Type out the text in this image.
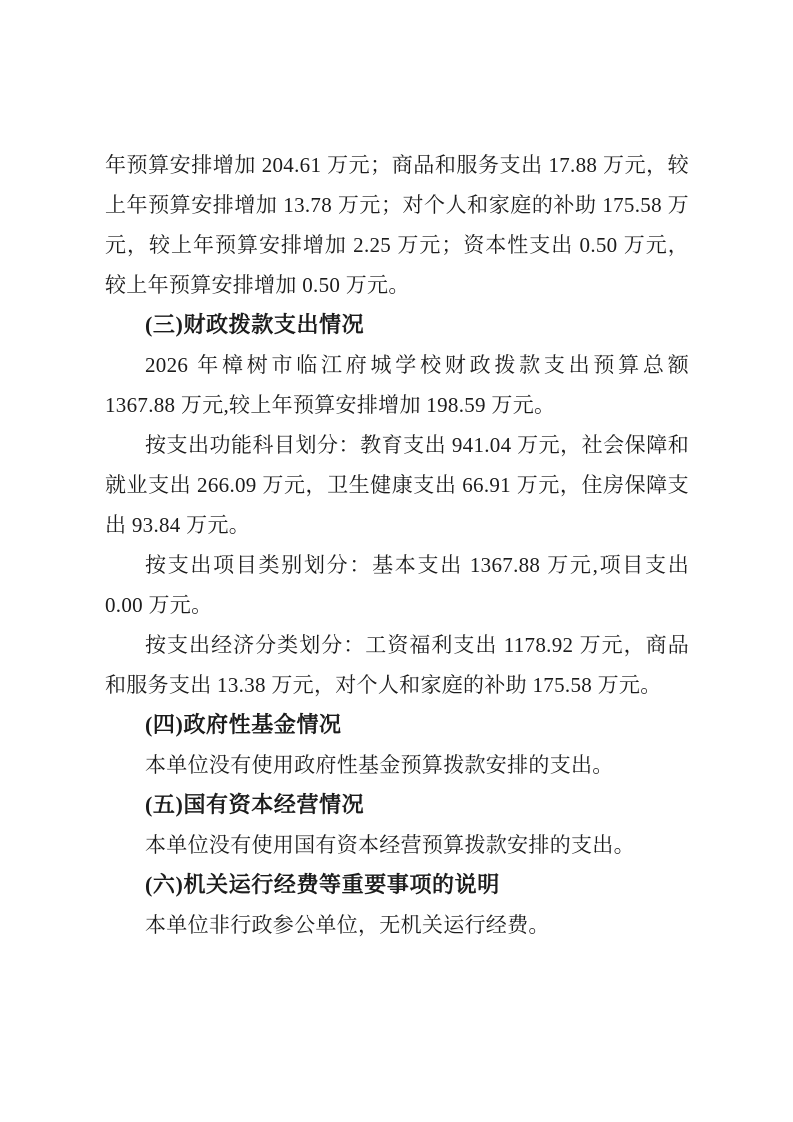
年预算安排增加 204.61 万元；商品和服务支出 17.88 万元，较上年预算安排增加 13.78 万元；对个人和家庭的补助 175.58 万元，较上年预算安排增加 2.25 万元；资本性支出 0.50 万元，较上年预算安排增加 0.50 万元。

(三)财政拨款支出情况

2026 年樟树市临江府城学校财政拨款支出预算总额 1367.88 万元,较上年预算安排增加 198.59 万元。

按支出功能科目划分：教育支出 941.04 万元，社会保障和就业支出 266.09 万元，卫生健康支出 66.91 万元，住房保障支出 93.84 万元。

按支出项目类别划分：基本支出 1367.88 万元,项目支出 0.00 万元。

按支出经济分类划分：工资福利支出 1178.92 万元，商品和服务支出 13.38 万元，对个人和家庭的补助 175.58 万元。

(四)政府性基金情况

本单位没有使用政府性基金预算拨款安排的支出。

(五)国有资本经营情况

本单位没有使用国有资本经营预算拨款安排的支出。

(六)机关运行经费等重要事项的说明

本单位非行政参公单位，无机关运行经费。
